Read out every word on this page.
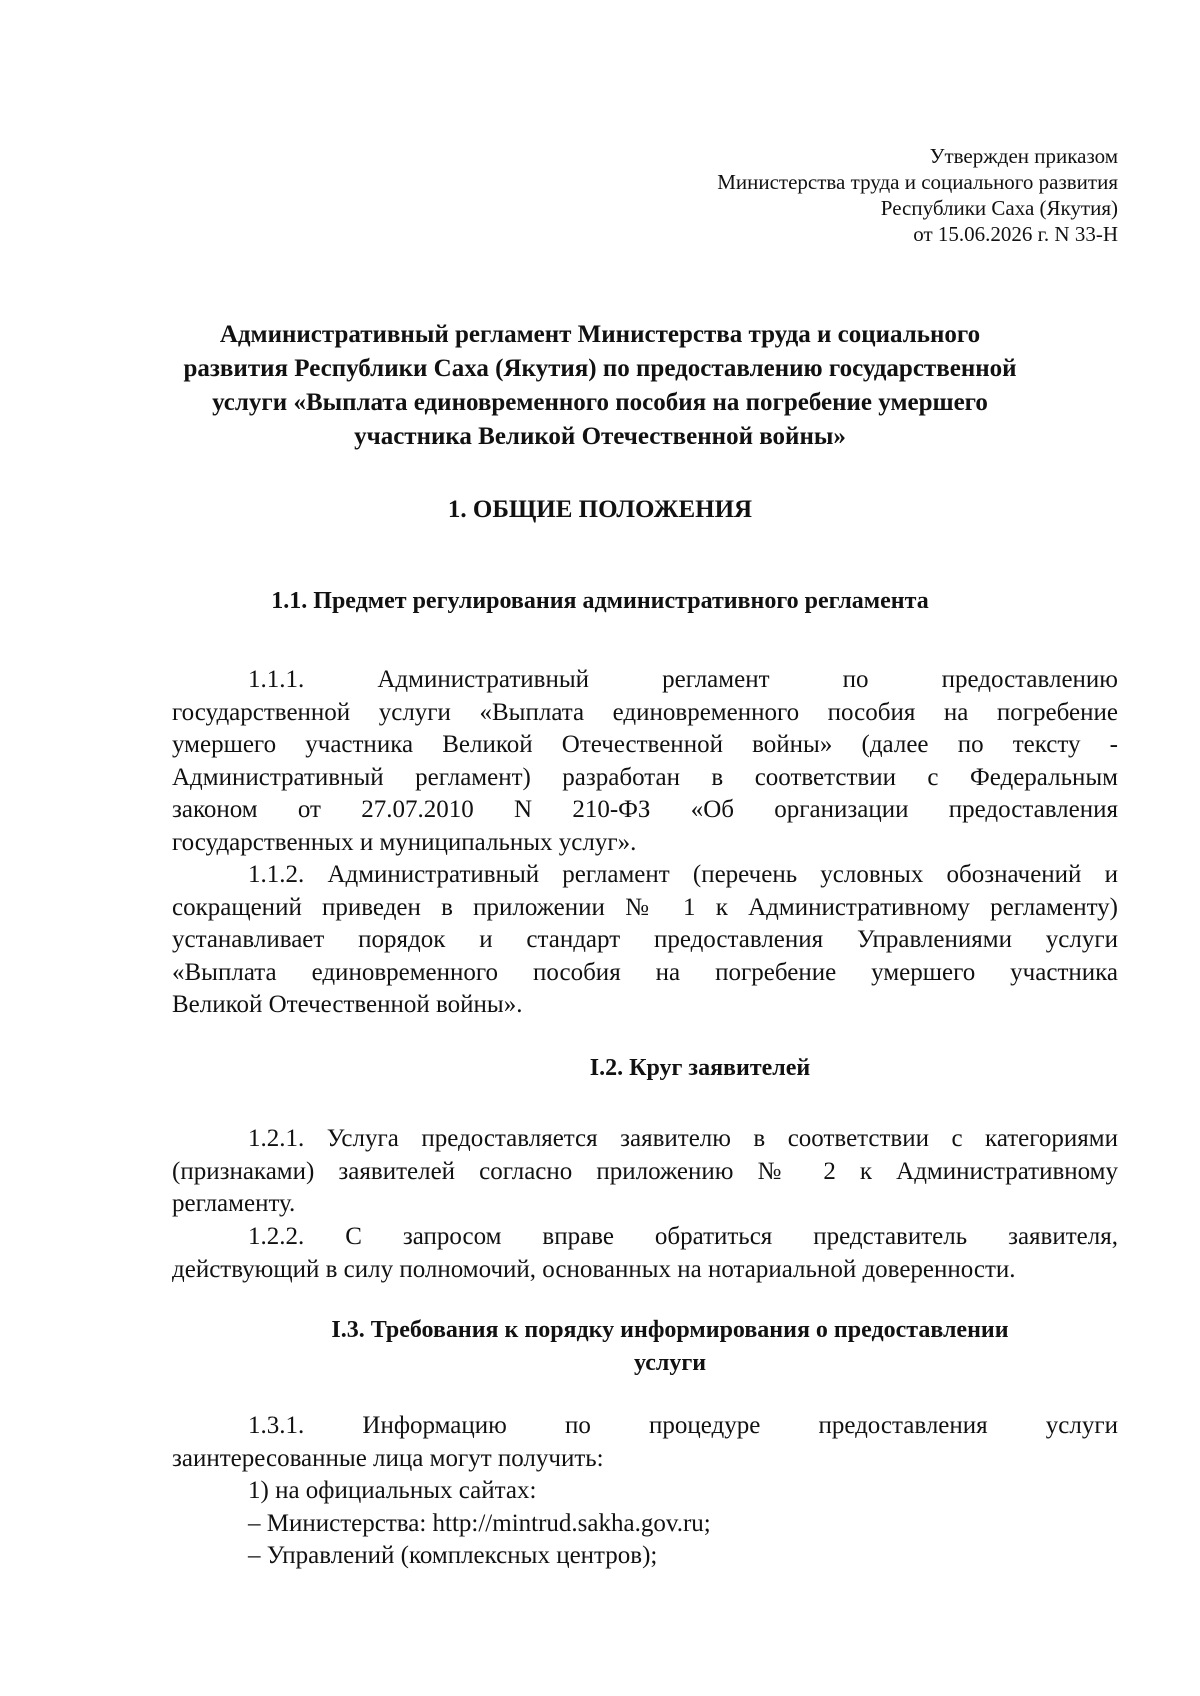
Утвержден приказом
Министерства труда и социального развития
Республики Саха (Якутия)
от 15.06.2026 г. N 33-Н
Административный регламент Министерства труда и социального
развития Республики Саха (Якутия) по предоставлению государственной
услуги «Выплата единовременного пособия на погребение умершего
участника Великой Отечественной войны»
1. ОБЩИЕ ПОЛОЖЕНИЯ
1.1. Предмет регулирования административного регламента
1.1.1. Административный регламент по предоставлению
государственной услуги «Выплата единовременного пособия на погребение
умершего участника Великой Отечественной войны» (далее по тексту -
Административный регламент) разработан в соответствии с Федеральным
законом от 27.07.2010 N 210-ФЗ «Об организации предоставления
государственных и муниципальных услуг».
1.1.2. Административный регламент (перечень условных обозначений и
сокращений приведен в приложении № 1 к Административному регламенту)
устанавливает порядок и стандарт предоставления Управлениями услуги
«Выплата единовременного пособия на погребение умершего участника
Великой Отечественной войны».
I.2. Круг заявителей
1.2.1. Услуга предоставляется заявителю в соответствии с категориями
(признаками) заявителей согласно приложению № 2 к Административному
регламенту.
1.2.2. С запросом вправе обратиться представитель заявителя,
действующий в силу полномочий, основанных на нотариальной доверенности.
I.3. Требования к порядку информирования о предоставлении
услуги
1.3.1. Информацию по процедуре предоставления услуги
заинтересованные лица могут получить:
1) на официальных сайтах:
– Министерства: http://mintrud.sakha.gov.ru;
– Управлений (комплексных центров);
